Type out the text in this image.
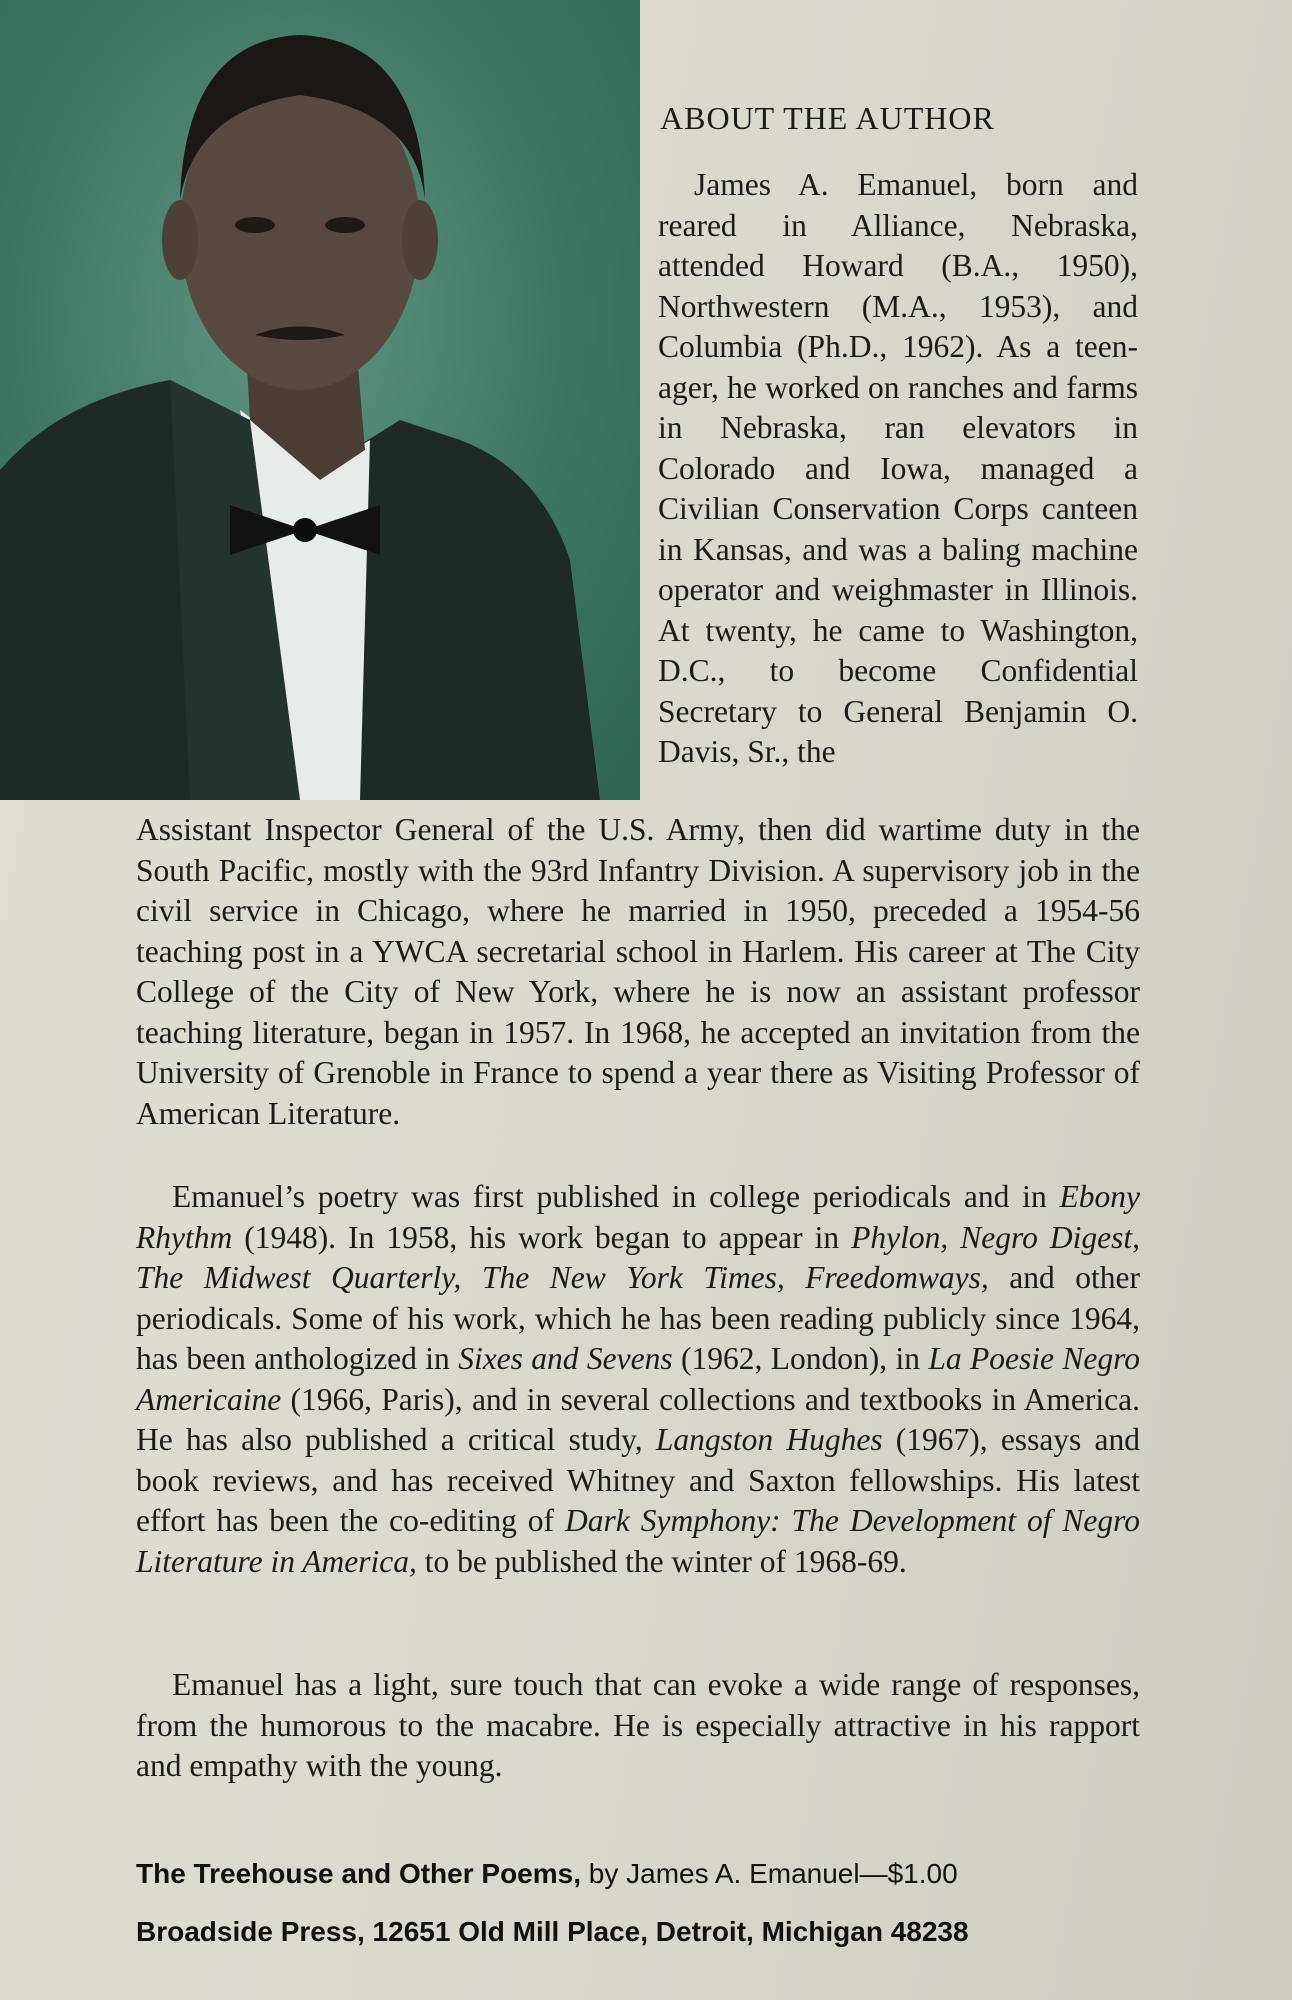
ABOUT THE AUTHOR

James A. Emanuel, born and reared in Alliance, Nebraska, attended Howard (B.A., 1950), Northwestern (M.A., 1953), and Columbia (Ph.D., 1962). As a teen-ager, he worked on ranches and farms in Nebraska, ran elevators in Colorado and Iowa, managed a Civilian Conservation Corps canteen in Kansas, and was a baling machine operator and weighmaster in Illinois. At twenty, he came to Washington, D.C., to become Confidential Secretary to General Benjamin O. Davis, Sr., the

Assistant Inspector General of the U.S. Army, then did wartime duty in the South Pacific, mostly with the 93rd Infantry Division. A supervisory job in the civil service in Chicago, where he married in 1950, preceded a 1954-56 teaching post in a YWCA secretarial school in Harlem. His career at The City College of the City of New York, where he is now an assistant professor teaching literature, began in 1957. In 1968, he accepted an invitation from the University of Grenoble in France to spend a year there as Visiting Professor of American Literature.

Emanuel’s poetry was first published in college periodicals and in Ebony Rhythm (1948). In 1958, his work began to appear in Phylon, Negro Digest, The Midwest Quarterly, The New York Times, Freedomways, and other periodicals. Some of his work, which he has been reading publicly since 1964, has been anthologized in Sixes and Sevens (1962, London), in La Poesie Negro Americaine (1966, Paris), and in several collections and textbooks in America. He has also published a critical study, Langston Hughes (1967), essays and book reviews, and has received Whitney and Saxton fellowships. His latest effort has been the co-editing of Dark Symphony: The Development of Negro Literature in America, to be published the winter of 1968-69.

Emanuel has a light, sure touch that can evoke a wide range of responses, from the humorous to the macabre. He is especially attractive in his rapport and empathy with the young.

The Treehouse and Other Poems, by James A. Emanuel—$1.00
Broadside Press, 12651 Old Mill Place, Detroit, Michigan 48238
